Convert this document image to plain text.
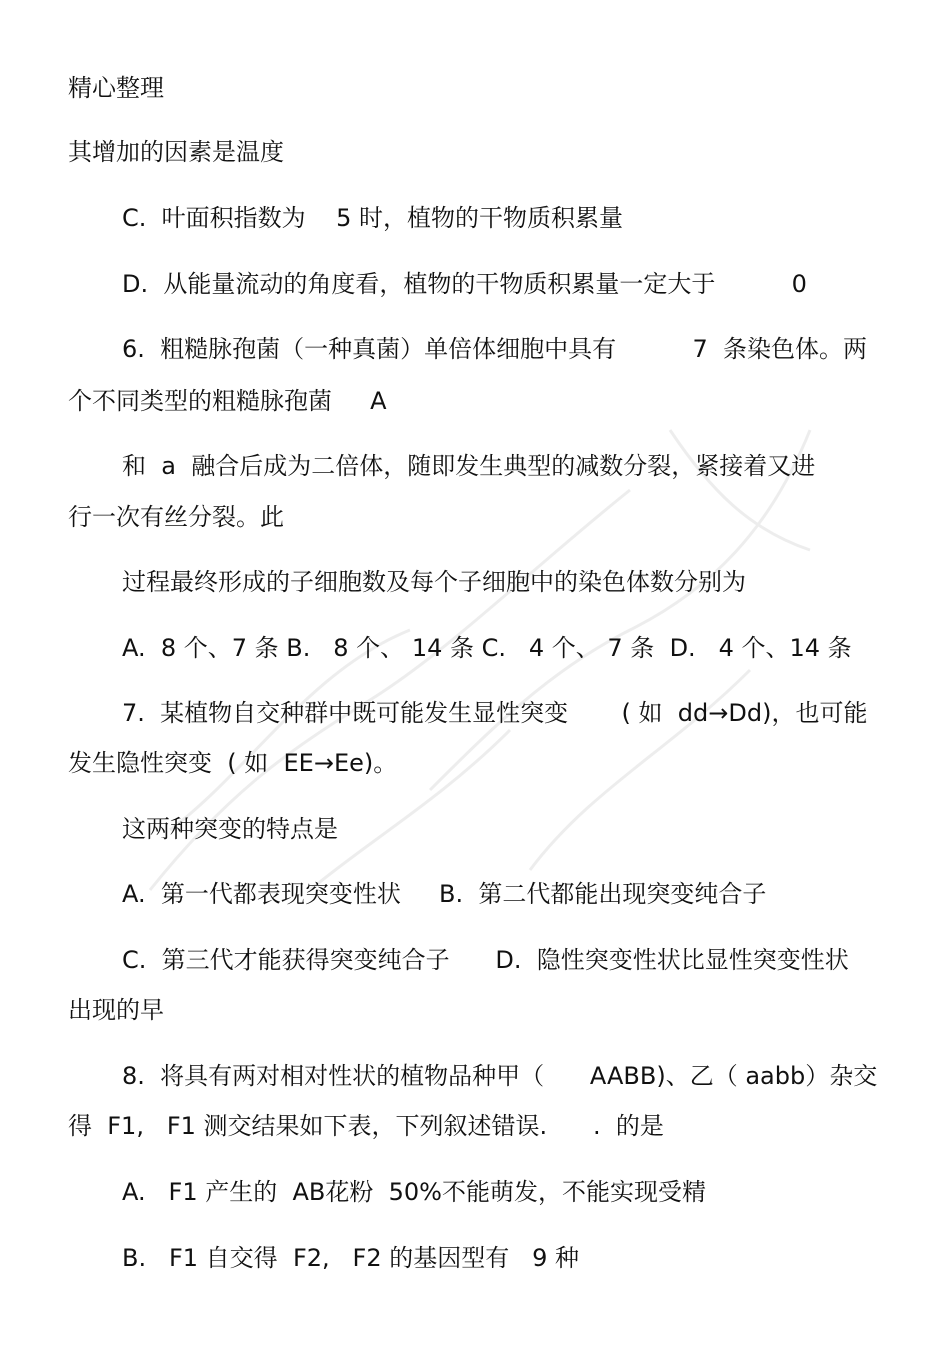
精心整理
其增加的因素是温度
C.  叶面积指数为    5 时，植物的干物质积累量
D.  从能量流动的角度看，植物的干物质积累量一定大于          0
6.  粗糙脉孢菌（一种真菌）单倍体细胞中具有          7  条染色体。两
个不同类型的粗糙脉孢菌     A
和  a  融合后成为二倍体，随即发生典型的减数分裂，紧接着又进
行一次有丝分裂。此
过程最终形成的子细胞数及每个子细胞中的染色体数分别为
A.  8 个、7 条 B.   8 个、 14 条 C.   4 个、 7 条  D.   4 个、14 条
7.  某植物自交种群中既可能发生显性突变       ( 如  dd→Dd)，也可能
发生隐性突变  ( 如  EE→Ee)。
这两种突变的特点是
A.  第一代都表现突变性状     B.  第二代都能出现突变纯合子
C.  第三代才能获得突变纯合子      D.  隐性突变性状比显性突变性状
出现的早
8.  将具有两对相对性状的植物品种甲（      AABB)、乙（ aabb）杂交
得  F1,   F1 测交结果如下表，下列叙述错误.      .  的是
A.   F1 产生的  AB花粉  50%不能萌发，不能实现受精
B.   F1 自交得  F2,   F2 的基因型有   9 种
